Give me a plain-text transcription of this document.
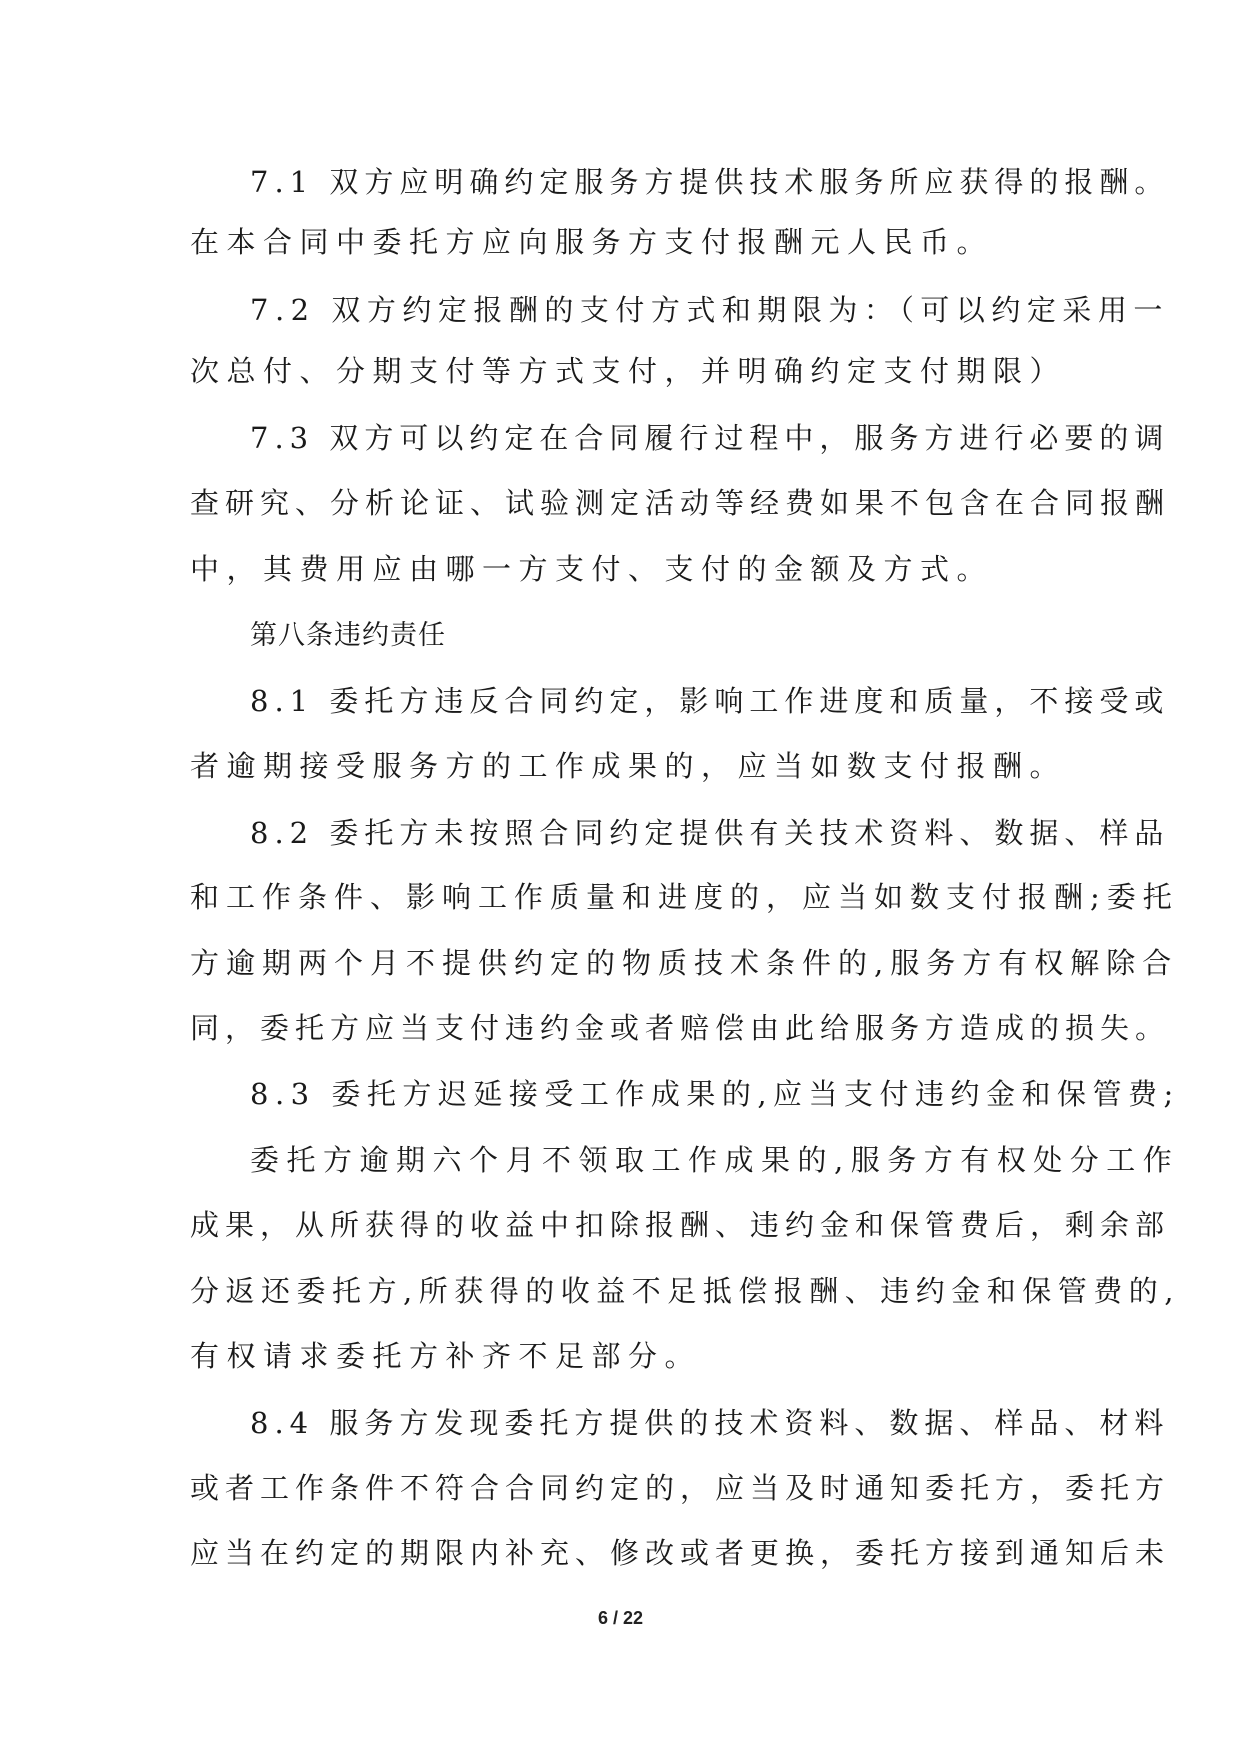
7.1 双方应明确约定服务方提供技术服务所应获得的报酬。
在本合同中委托方应向服务方支付报酬元人民币。
7.2 双方约定报酬的支付方式和期限为：（可以约定采用一
次总付、分期支付等方式支付，并明确约定支付期限）
7.3 双方可以约定在合同履行过程中，服务方进行必要的调
查研究、分析论证、试验测定活动等经费如果不包含在合同报酬
中，其费用应由哪一方支付、支付的金额及方式。
第八条违约责任
8.1 委托方违反合同约定，影响工作进度和质量，不接受或
者逾期接受服务方的工作成果的，应当如数支付报酬。
8.2 委托方未按照合同约定提供有关技术资料、数据、样品
和工作条件、影响工作质量和进度的，应当如数支付报酬;委托
方逾期两个月不提供约定的物质技术条件的,服务方有权解除合
同，委托方应当支付违约金或者赔偿由此给服务方造成的损失。
8.3 委托方迟延接受工作成果的,应当支付违约金和保管费;
委托方逾期六个月不领取工作成果的,服务方有权处分工作
成果，从所获得的收益中扣除报酬、违约金和保管费后，剩余部
分返还委托方,所获得的收益不足抵偿报酬、违约金和保管费的,
有权请求委托方补齐不足部分。
8.4 服务方发现委托方提供的技术资料、数据、样品、材料
或者工作条件不符合合同约定的，应当及时通知委托方，委托方
应当在约定的期限内补充、修改或者更换，委托方接到通知后未
6 / 22
